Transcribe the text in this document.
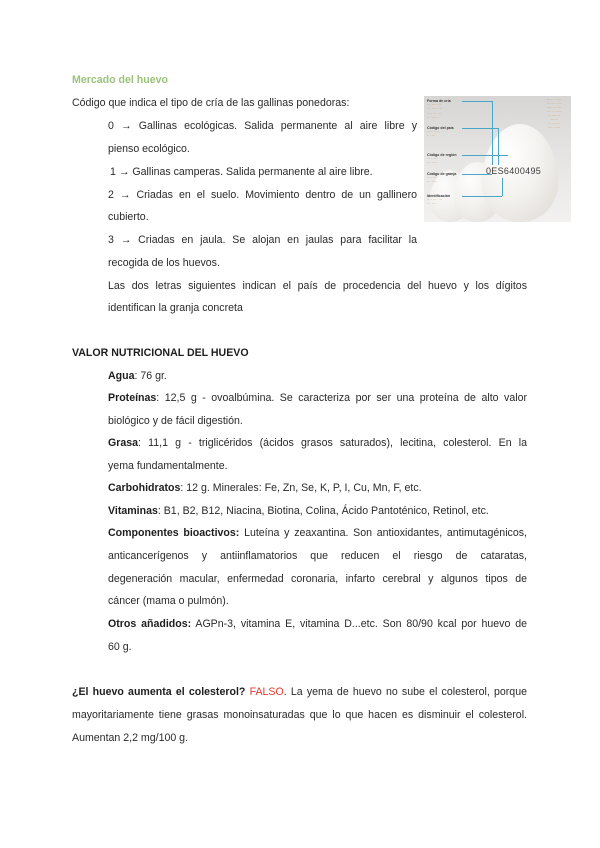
Mercado del huevo
Código que indica el tipo de cría de las gallinas ponedoras:
0 → Gallinas ecológicas. Salida permanente al aire libre y
pienso ecológico.
1 → Gallinas camperas. Salida permanente al aire libre.
2 → Criadas en el suelo. Movimiento dentro de un gallinero
cubierto.
3 → Criadas en jaula. Se alojan en jaulas para facilitar la
recogida de los huevos.
Las dos letras siguientes indican el país de procedencia del huevo y los dígitos
identifican la granja concreta
0ES6400495
Forma de cría
··· ··· ····
··· ····· ···
···· ··· ···
··· ······
Código del país
···· ·····
·· ····
Código de región
···· ····
··· ·····
Código de granja
···· ····
··· ·····
Identificación
···· ···· ···
··· ····
····· ·· ····
··· ···· ····
····· ··· ···
···· ·· ·····
··· ····· ··
···· ···
··· ···· ··
····· ·····
VALOR NUTRICIONAL DEL HUEVO
Agua: 76 gr.
Proteínas: 12,5 g - ovoalbúmina. Se caracteriza por ser una proteína de alto valor
biológico y de fácil digestión.
Grasa: 11,1 g - triglicéridos (ácidos grasos saturados), lecitina, colesterol. En la
yema fundamentalmente.
Carbohidratos: 12 g. Minerales: Fe, Zn, Se, K, P, I, Cu, Mn, F, etc.
Vitaminas: B1, B2, B12, Niacina, Biotina, Colina, Ácido Pantoténico, Retinol, etc.
Componentes bioactivos: Luteína y zeaxantina. Son antioxidantes, antimutagénicos,
anticancerígenos y antiinflamatorios que reducen el riesgo de cataratas,
degeneración macular, enfermedad coronaria, infarto cerebral y algunos tipos de
cáncer (mama o pulmón).
Otros añadidos: AGPn-3, vitamina E, vitamina D...etc. Son 80/90 kcal por huevo de
60 g.
¿El huevo aumenta el colesterol? FALSO. La yema de huevo no sube el colesterol, porque
mayoritariamente tiene grasas monoinsaturadas que lo que hacen es disminuir el colesterol.
Aumentan 2,2 mg/100 g.
